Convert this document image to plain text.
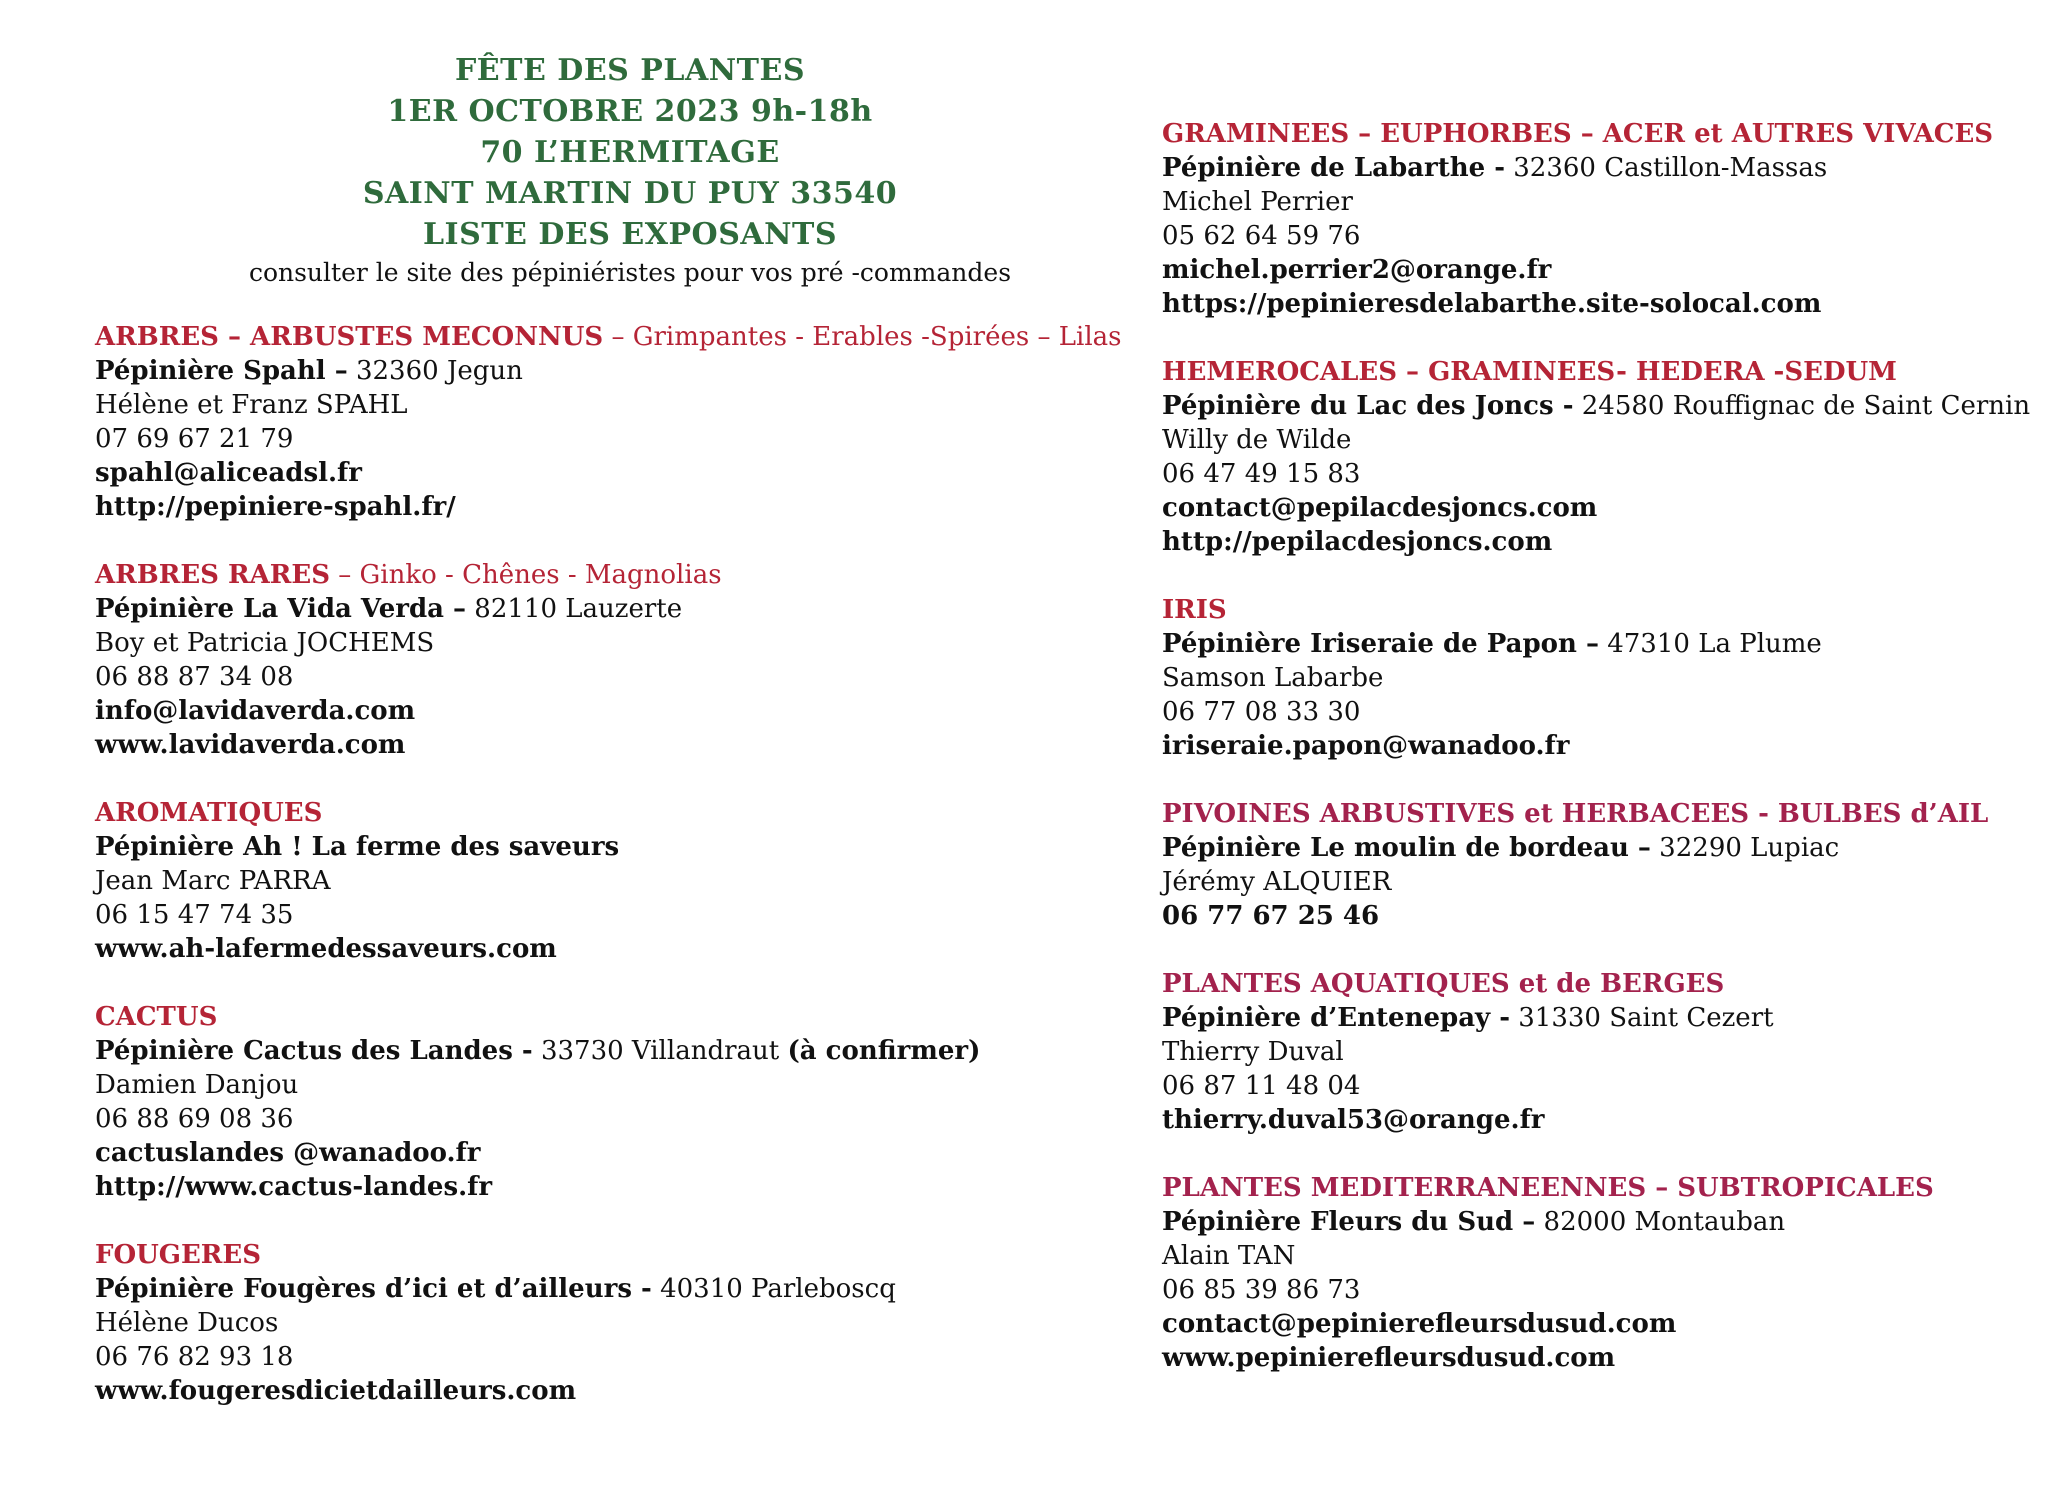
FÊTE DES PLANTES
1ER OCTOBRE 2023 9h-18h
70 L’HERMITAGE
SAINT MARTIN DU PUY 33540
LISTE DES EXPOSANTS
consulter le site des pépiniéristes pour vos pré -commandes
ARBRES – ARBUSTES MECONNUS – Grimpantes - Erables -Spirées – Lilas
Pépinière Spahl – 32360 Jegun
Hélène et Franz SPAHL
07 69 67 21 79
spahl@aliceadsl.fr
http://pepiniere-spahl.fr/
ARBRES RARES – Ginko - Chênes - Magnolias
Pépinière La Vida Verda – 82110 Lauzerte
Boy et Patricia JOCHEMS
06 88 87 34 08
info@lavidaverda.com
www.lavidaverda.com
AROMATIQUES
Pépinière Ah ! La ferme des saveurs
Jean Marc PARRA
06 15 47 74 35
www.ah-lafermedessaveurs.com
CACTUS
Pépinière Cactus des Landes - 33730 Villandraut (à confirmer)
Damien Danjou
06 88 69 08 36
cactuslandes @wanadoo.fr
http://www.cactus-landes.fr
FOUGERES
Pépinière Fougères d’ici et d’ailleurs - 40310 Parleboscq
Hélène Ducos
06 76 82 93 18
www.fougeresdicietdailleurs.com
GRAMINEES – EUPHORBES – ACER et AUTRES VIVACES
Pépinière de Labarthe - 32360 Castillon-Massas
Michel Perrier
05 62 64 59 76
michel.perrier2@orange.fr
https://pepinieresdelabarthe.site-solocal.com
HEMEROCALES – GRAMINEES- HEDERA -SEDUM
Pépinière du Lac des Joncs - 24580 Rouffignac de Saint Cernin
Willy de Wilde
06 47 49 15 83
contact@pepilacdesjoncs.com
http://pepilacdesjoncs.com
IRIS
Pépinière Iriseraie de Papon – 47310 La Plume
Samson Labarbe
06 77 08 33 30
iriseraie.papon@wanadoo.fr
PIVOINES ARBUSTIVES et HERBACEES - BULBES d’AIL
Pépinière Le moulin de bordeau – 32290 Lupiac
Jérémy ALQUIER
06 77 67 25 46
PLANTES AQUATIQUES et de BERGES
Pépinière d’Entenepay - 31330 Saint Cezert
Thierry Duval
06 87 11 48 04
thierry.duval53@orange.fr
PLANTES MEDITERRANEENNES – SUBTROPICALES
Pépinière Fleurs du Sud – 82000 Montauban
Alain TAN
06 85 39 86 73
contact@pepinierefleursdusud.com
www.pepinierefleursdusud.com
